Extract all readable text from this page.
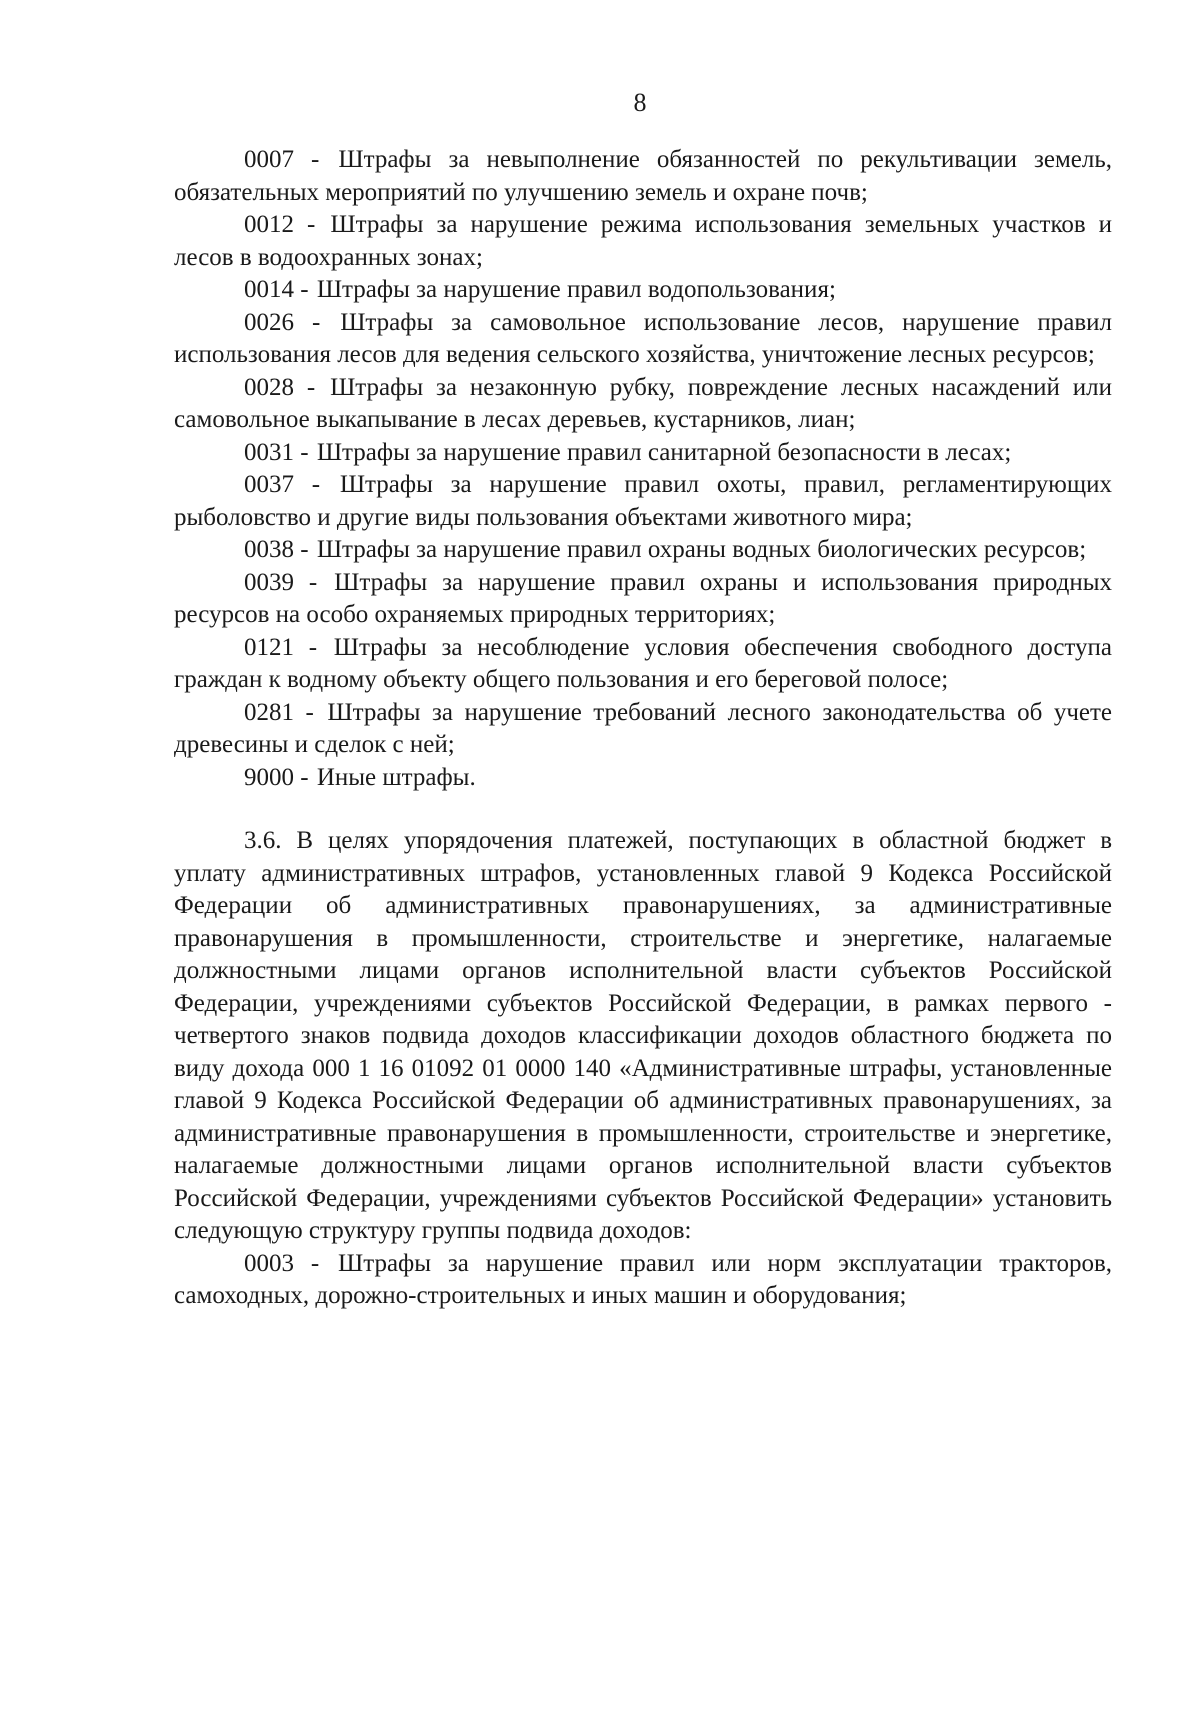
8

0007 - Штрафы за невыполнение обязанностей по рекультивации земель, обязательных мероприятий по улучшению земель и охране почв;

0012 - Штрафы за нарушение режима использования земельных участков и лесов в водоохранных зонах;

0014 - Штрафы за нарушение правил водопользования;

0026 - Штрафы за самовольное использование лесов, нарушение правил использования лесов для ведения сельского хозяйства, уничтожение лесных ресурсов;

0028 - Штрафы за незаконную рубку, повреждение лесных насаждений или самовольное выкапывание в лесах деревьев, кустарников, лиан;

0031 - Штрафы за нарушение правил санитарной безопасности в лесах;

0037 - Штрафы за нарушение правил охоты, правил, регламентирующих рыболовство и другие виды пользования объектами животного мира;

0038 - Штрафы за нарушение правил охраны водных биологических ресурсов;

0039 - Штрафы за нарушение правил охраны и использования природных ресурсов на особо охраняемых природных территориях;

0121 - Штрафы за несоблюдение условия обеспечения свободного доступа граждан к водному объекту общего пользования и его береговой полосе;

0281 - Штрафы за нарушение требований лесного законодательства об учете древесины и сделок с ней;

9000 - Иные штрафы.

3.6. В целях упорядочения платежей, поступающих в областной бюджет в уплату административных штрафов, установленных главой 9 Кодекса Российской Федерации об административных правонарушениях, за административные правонарушения в промышленности, строительстве и энергетике, налагаемые должностными лицами органов исполнительной власти субъектов Российской Федерации, учреждениями субъектов Российской Федерации, в рамках первого - четвертого знаков подвида доходов классификации доходов областного бюджета по виду дохода 000 1 16 01092 01 0000 140 «Административные штрафы, установленные главой 9 Кодекса Российской Федерации об административных правонарушениях, за административные правонарушения в промышленности, строительстве и энергетике, налагаемые должностными лицами органов исполнительной власти субъектов Российской Федерации, учреждениями субъектов Российской Федерации» установить следующую структуру группы подвида доходов:

0003 - Штрафы за нарушение правил или норм эксплуатации тракторов, самоходных, дорожно-строительных и иных машин и оборудования;
